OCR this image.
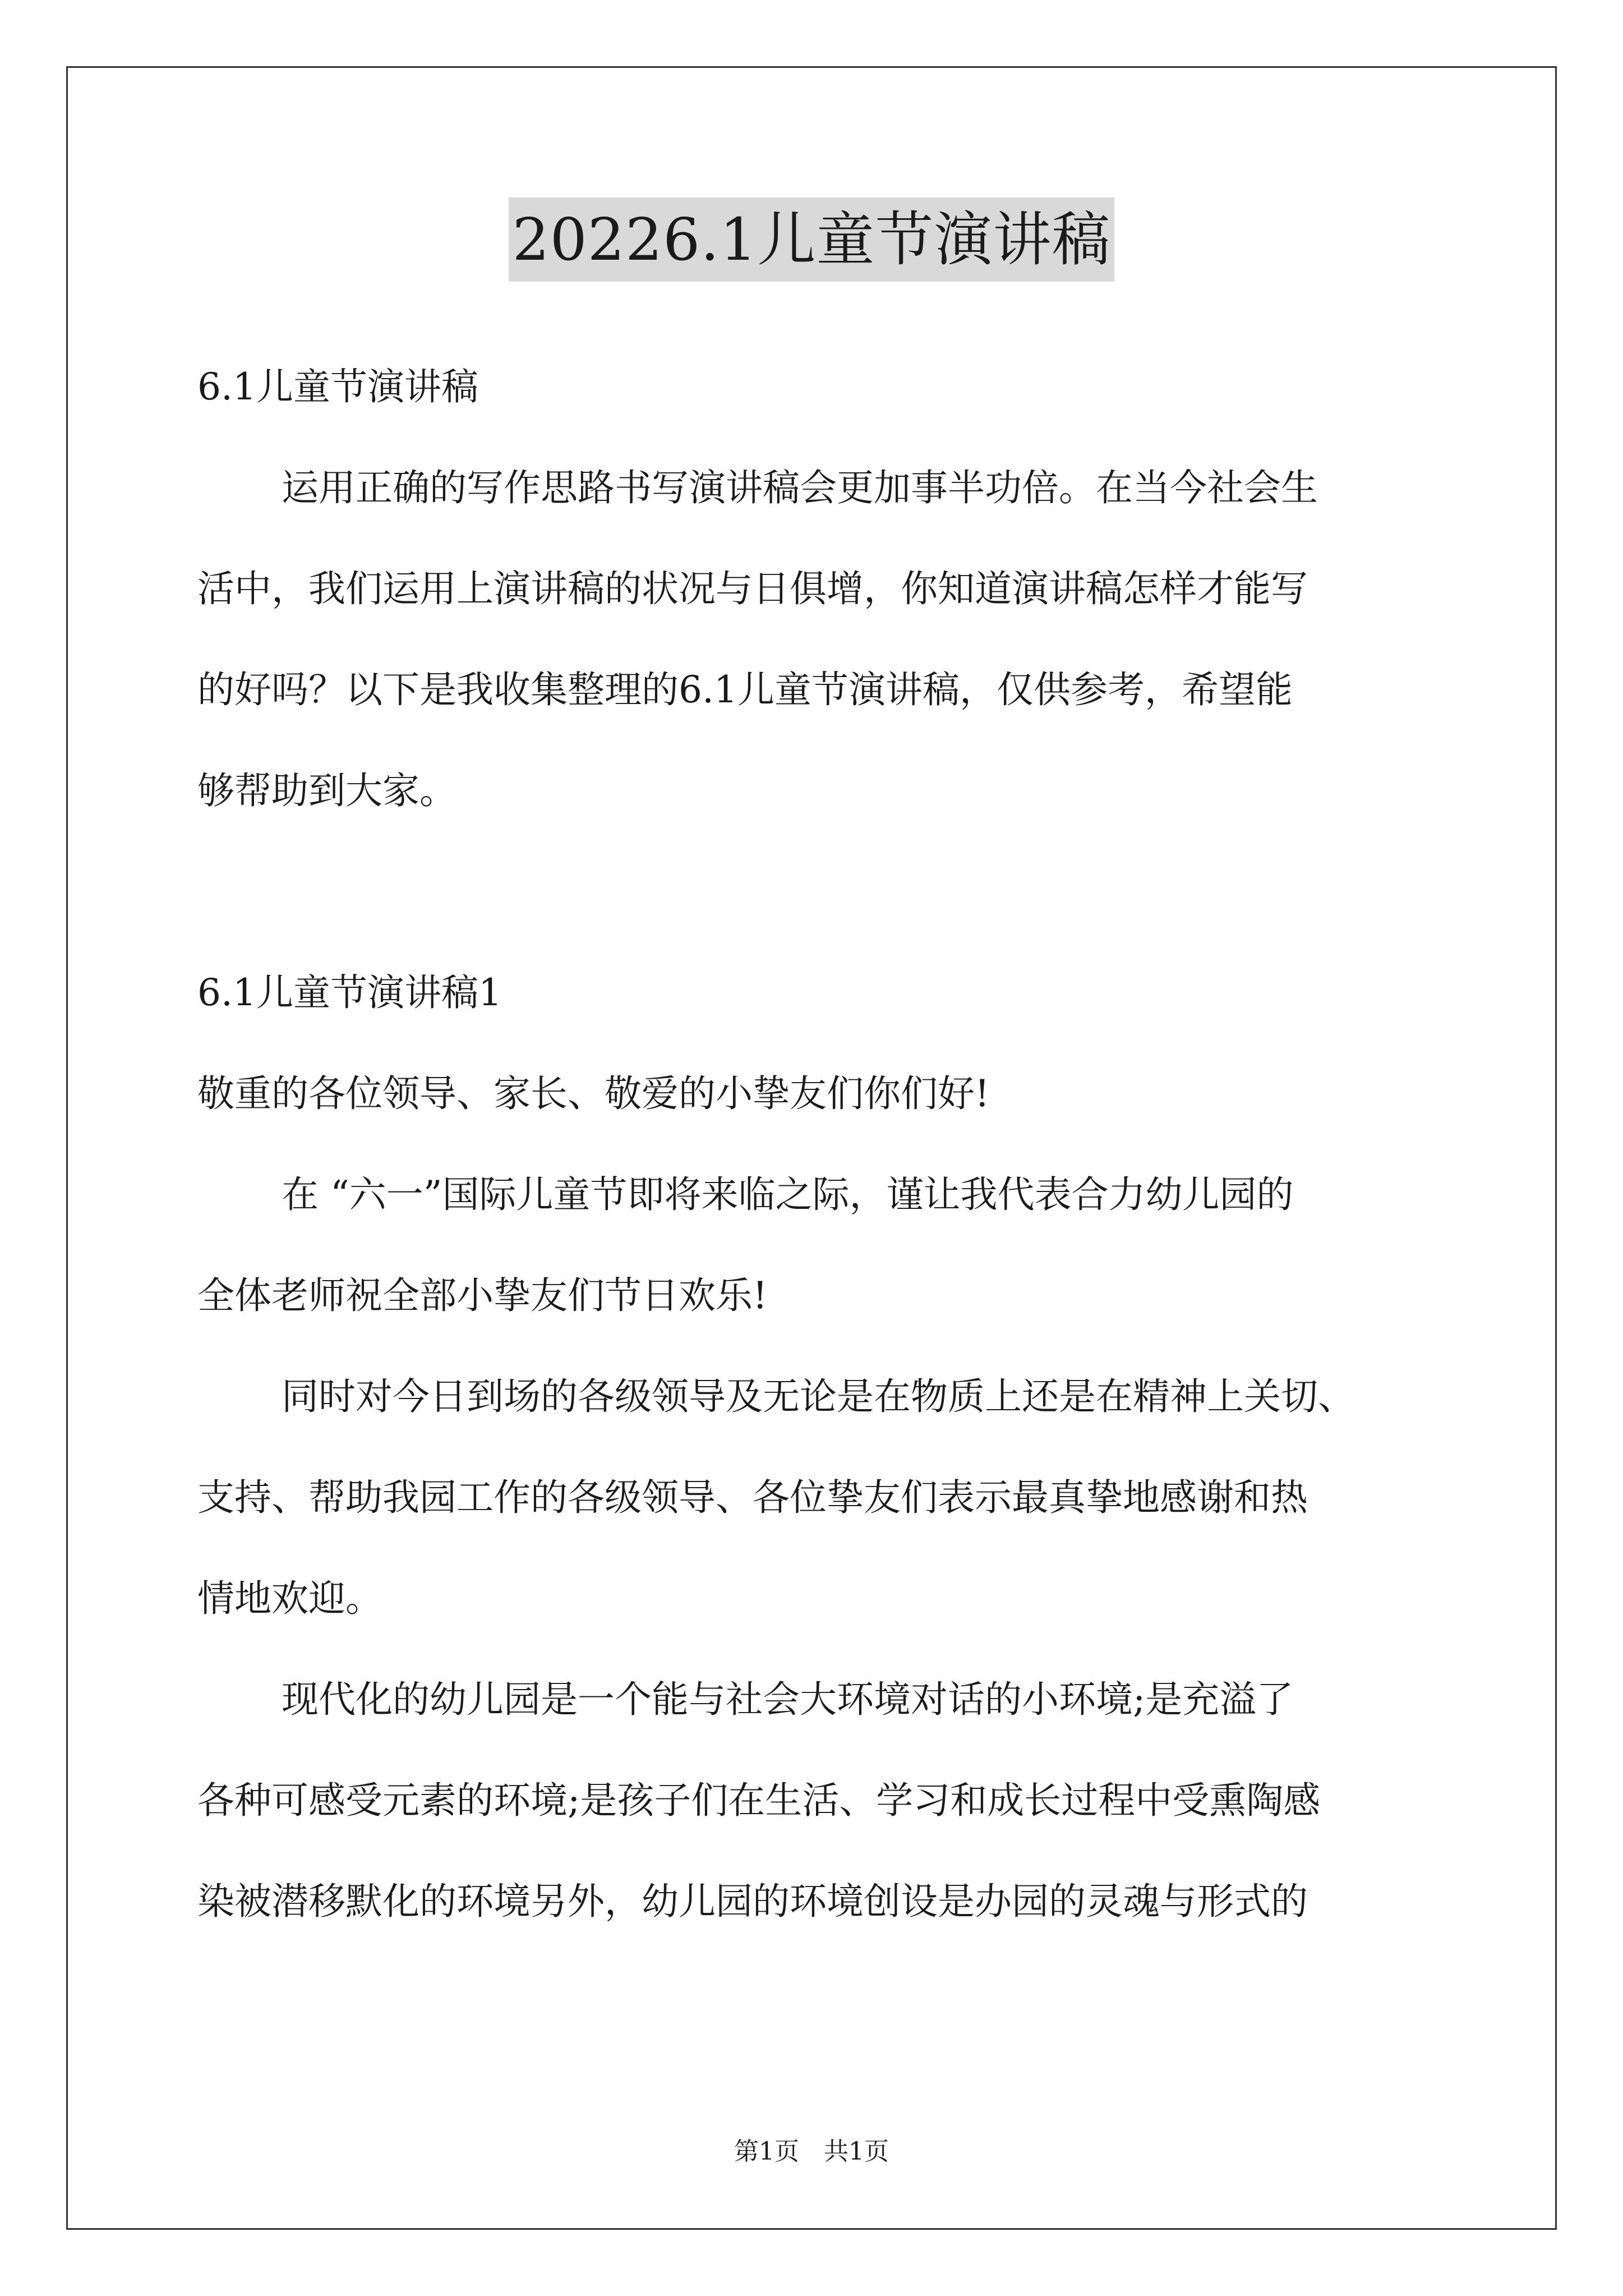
20226.1儿童节演讲稿

6.1儿童节演讲稿

运用正确的写作思路书写演讲稿会更加事半功倍。在当今社会生

活中，我们运用上演讲稿的状况与日俱增，你知道演讲稿怎样才能写

的好吗？以下是我收集整理的6.1儿童节演讲稿，仅供参考，希望能

够帮助到大家。

6.1儿童节演讲稿1

敬重的各位领导、家长、敬爱的小挚友们你们好!

在 “六一”国际儿童节即将来临之际，谨让我代表合力幼儿园的

全体老师祝全部小挚友们节日欢乐!

同时对今日到场的各级领导及无论是在物质上还是在精神上关切、

支持、帮助我园工作的各级领导、各位挚友们表示最真挚地感谢和热

情地欢迎。

现代化的幼儿园是一个能与社会大环境对话的小环境;是充溢了

各种可感受元素的环境;是孩子们在生活、学习和成长过程中受熏陶感

染被潜移默化的环境另外，幼儿园的环境创设是办园的灵魂与形式的

第1页　共1页
